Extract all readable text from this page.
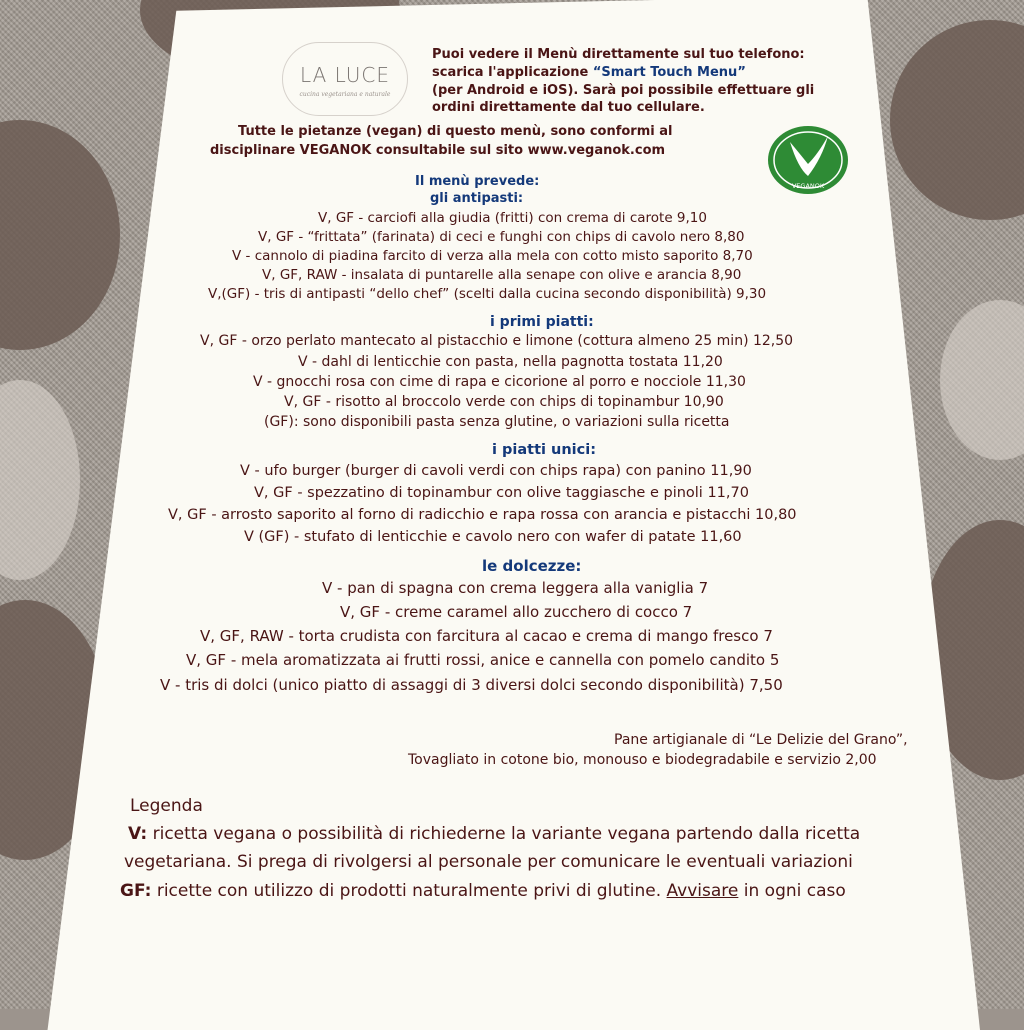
LA LUCE
cucina vegetariana e naturale
Puoi vedere il Menù direttamente sul tuo telefono:
scarica l'applicazione “Smart Touch Menu”
(per Android e iOS). Sarà poi possibile effettuare gli
ordini direttamente dal tuo cellulare.
Tutte le pietanze (vegan) di questo menù, sono conformi al
disciplinare VEGANOK consultabile sul sito www.veganok.com
VEGANOK
Il menù prevede:
gli antipasti:
V, GF - carciofi alla giudia (fritti) con crema di carote 9,10
V, GF - “frittata” (farinata) di ceci e funghi con chips di cavolo nero 8,80
V - cannolo di piadina farcito di verza alla mela con cotto misto saporito 8,70
V, GF, RAW - insalata di puntarelle alla senape con olive e arancia 8,90
V,(GF) - tris di antipasti “dello chef” (scelti dalla cucina secondo disponibilità) 9,30
i primi piatti:
V, GF - orzo perlato mantecato al pistacchio e limone (cottura almeno 25 min) 12,50
V - dahl di lenticchie con pasta, nella pagnotta tostata 11,20
V - gnocchi rosa con cime di rapa e cicorione al porro e nocciole 11,30
V, GF - risotto al broccolo verde con chips di topinambur 10,90
(GF): sono disponibili pasta senza glutine, o variazioni sulla ricetta
i piatti unici:
V - ufo burger (burger di cavoli verdi con chips rapa) con panino 11,90
V, GF - spezzatino di topinambur con olive taggiasche e pinoli 11,70
V, GF - arrosto saporito al forno di radicchio e rapa rossa con arancia e pistacchi 10,80
V (GF) - stufato di lenticchie e cavolo nero con wafer di patate 11,60
le dolcezze:
V - pan di spagna con crema leggera alla vaniglia 7
V, GF - creme caramel allo zucchero di cocco 7
V, GF, RAW - torta crudista con farcitura al cacao e crema di mango fresco 7
V, GF - mela aromatizzata ai frutti rossi, anice e cannella con pomelo candito 5
V - tris di dolci (unico piatto di assaggi di 3 diversi dolci secondo disponibilità) 7,50
Pane artigianale di “Le Delizie del Grano”,
Tovagliato in cotone bio, monouso e biodegradabile e servizio 2,00
Legenda
V: ricetta vegana o possibilità di richiederne la variante vegana partendo dalla ricetta
vegetariana. Si prega di rivolgersi al personale per comunicare le eventuali variazioni
GF: ricette con utilizzo di prodotti naturalmente privi di glutine. Avvisare in ogni caso
